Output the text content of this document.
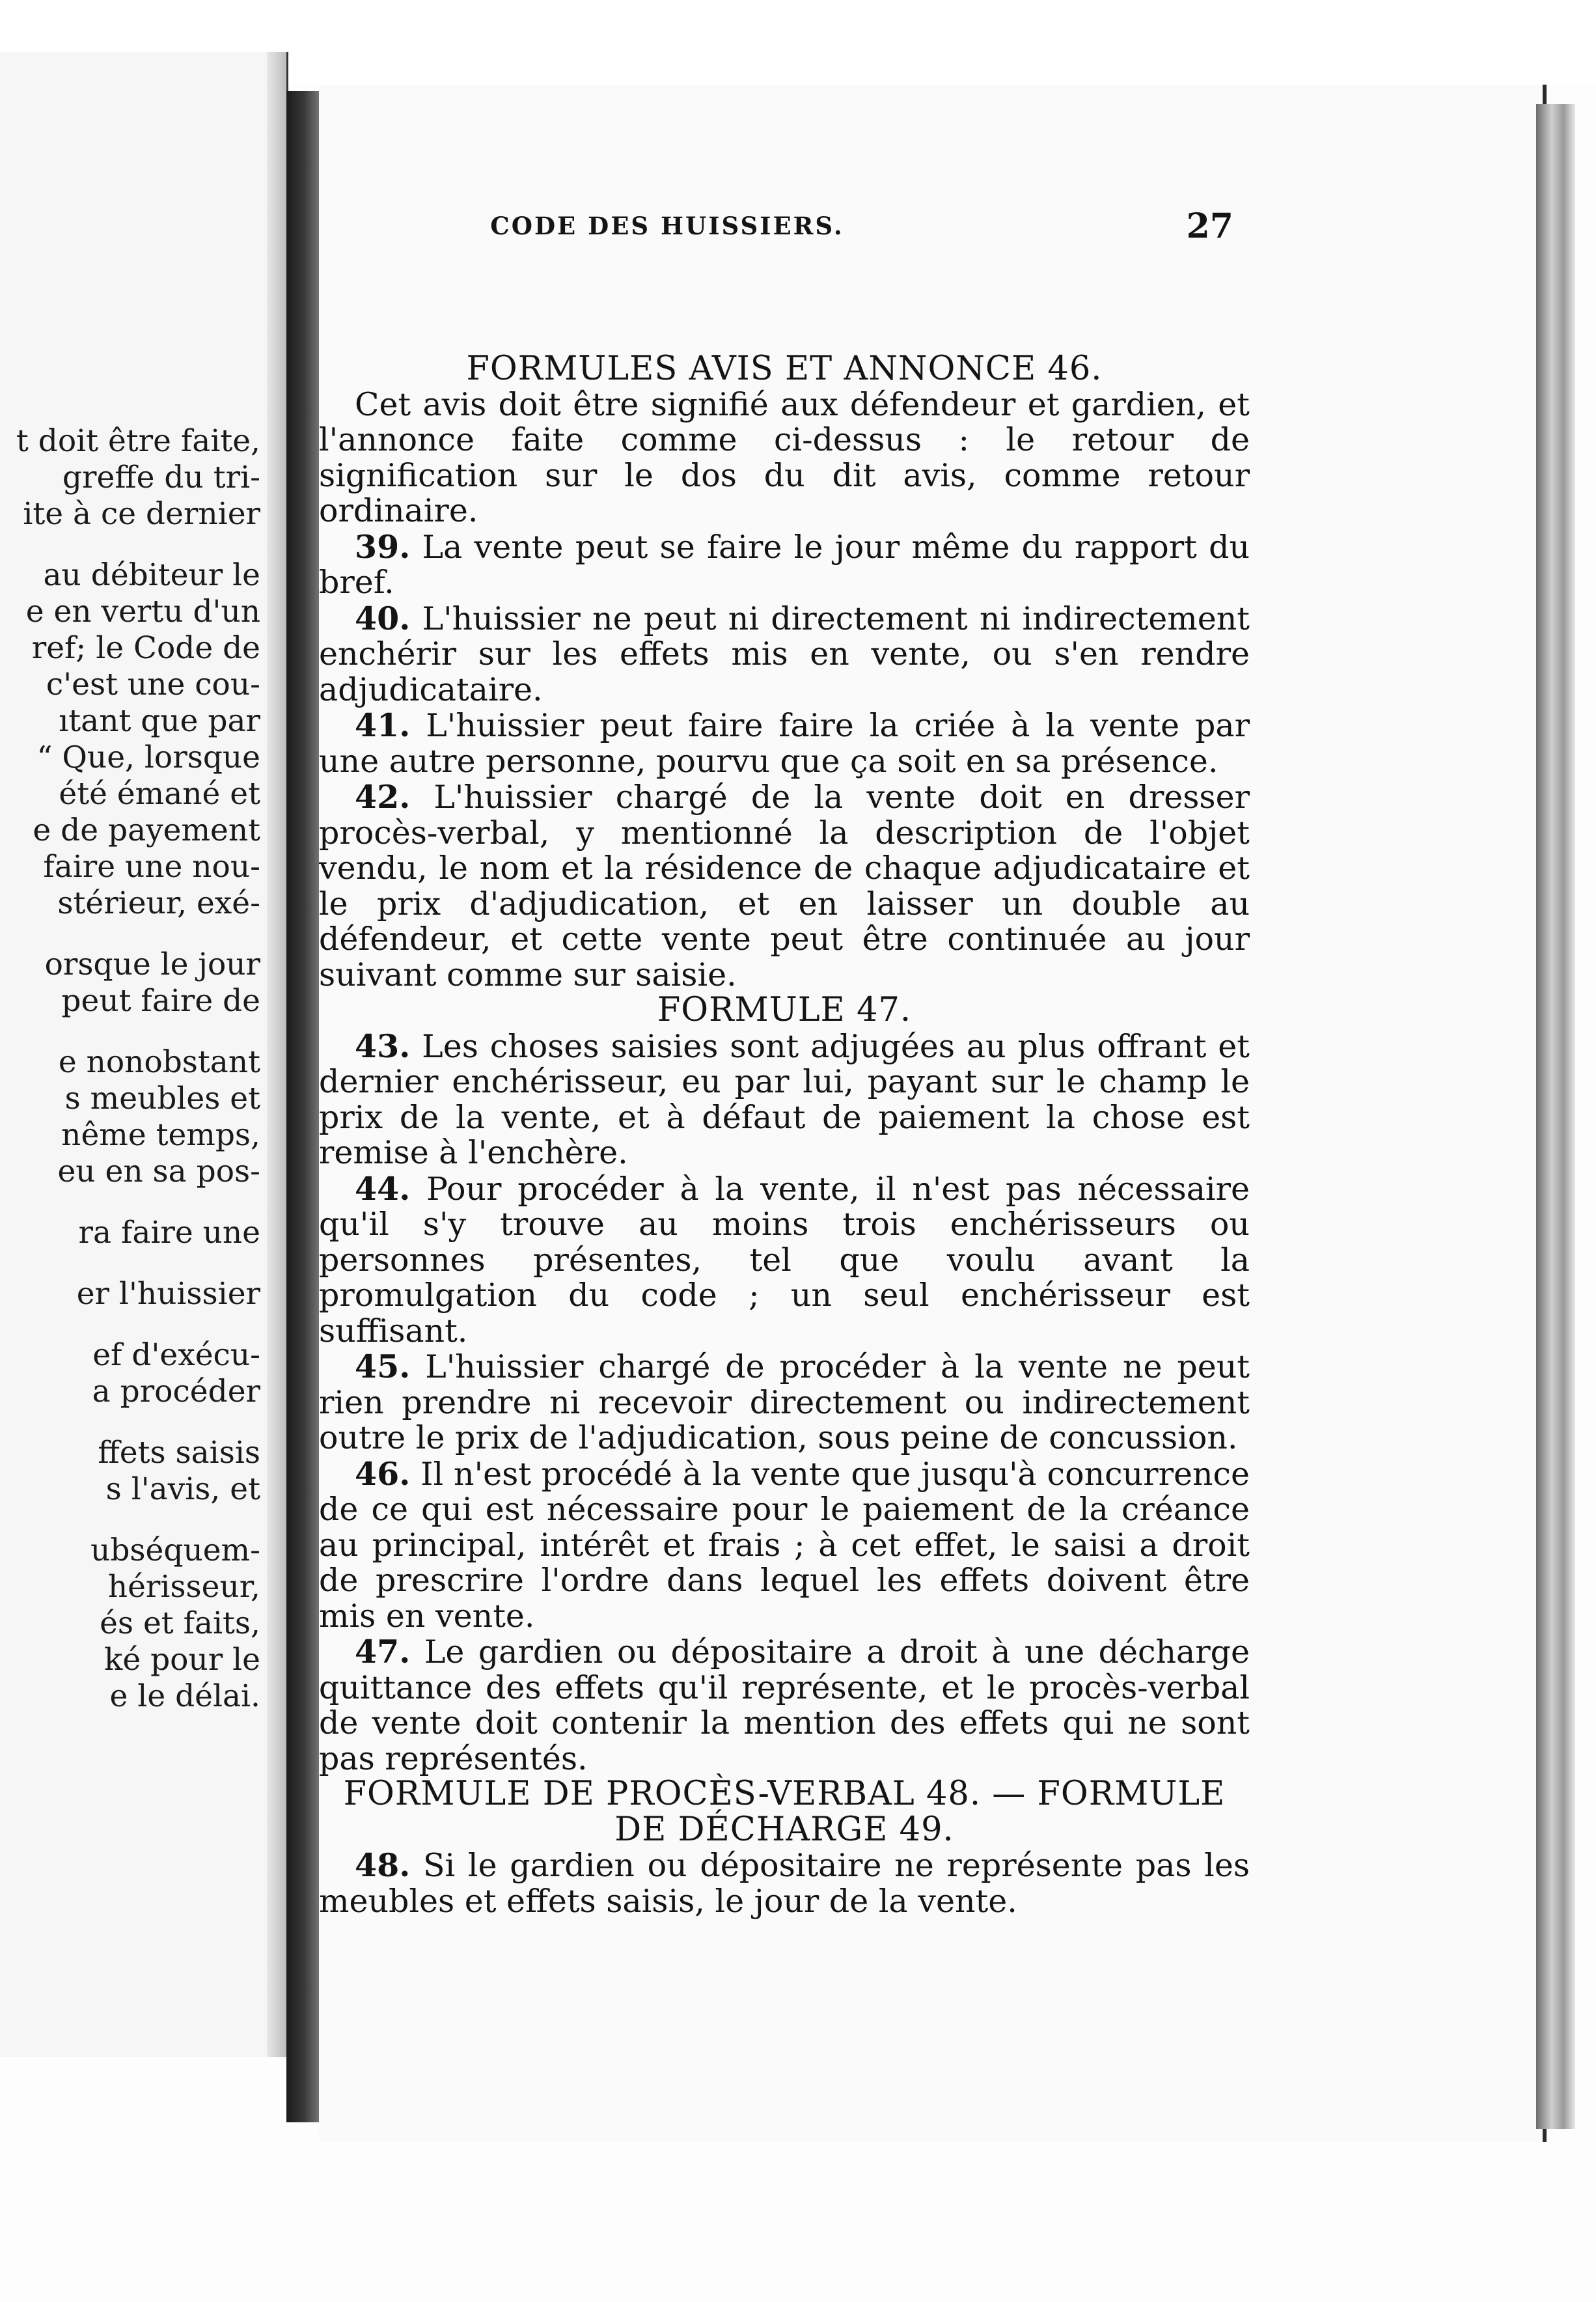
t doit être faite,
greffe du tri-
ite à ce dernier
au débiteur le
e en vertu d'un
ref; le Code de
c'est une cou-
ıtant que par
“ Que, lorsque
été émané et
e de payement
faire une nou-
stérieur, exé-
orsque le jour
peut faire de
e nonobstant
s meubles et
nême temps,
eu en sa pos-
ra faire une
er l'huissier
ef d'exécu-
a procéder
ffets saisis
s l'avis, et
ubséquem-
hérisseur,
és et faits,
ké pour le
e le délai.
CODE DES HUISSIERS.	27

FORMULES AVIS ET ANNONCE 46.

Cet avis doit être signifié aux défendeur et gardien, et l'annonce faite comme ci-dessus : le retour de signification sur le dos du dit avis, comme retour ordinaire.

39. La vente peut se faire le jour même du rapport du bref.

40. L'huissier ne peut ni directement ni indirectement enchérir sur les effets mis en vente, ou s'en rendre adjudicataire.

41. L'huissier peut faire faire la criée à la vente par une autre personne, pourvu que ça soit en sa présence.

42. L'huissier chargé de la vente doit en dresser procès-verbal, y mentionné la description de l'objet vendu, le nom et la résidence de chaque adjudicataire et le prix d'adjudication, et en laisser un double au défendeur, et cette vente peut être continuée au jour suivant comme sur saisie.

FORMULE 47.

43. Les choses saisies sont adjugées au plus offrant et dernier enchérisseur, eu par lui, payant sur le champ le prix de la vente, et à défaut de paiement la chose est remise à l'enchère.

44. Pour procéder à la vente, il n'est pas nécessaire qu'il s'y trouve au moins trois enchérisseurs ou personnes présentes, tel que voulu avant la promulgation du code ; un seul enchérisseur est suffisant.

45. L'huissier chargé de procéder à la vente ne peut rien prendre ni recevoir directement ou indirectement outre le prix de l'adjudication, sous peine de concussion.

46. Il n'est procédé à la vente que jusqu'à concurrence de ce qui est nécessaire pour le paiement de la créance au principal, intérêt et frais ; à cet effet, le saisi a droit de prescrire l'ordre dans lequel les effets doivent être mis en vente.

47. Le gardien ou dépositaire a droit à une décharge quittance des effets qu'il représente, et le procès-verbal de vente doit contenir la mention des effets qui ne sont pas représentés.

FORMULE DE PROCÈS-VERBAL 48. — FORMULE

DE DÉCHARGE 49.

48. Si le gardien ou dépositaire ne représente pas les meubles et effets saisis, le jour de la vente.
